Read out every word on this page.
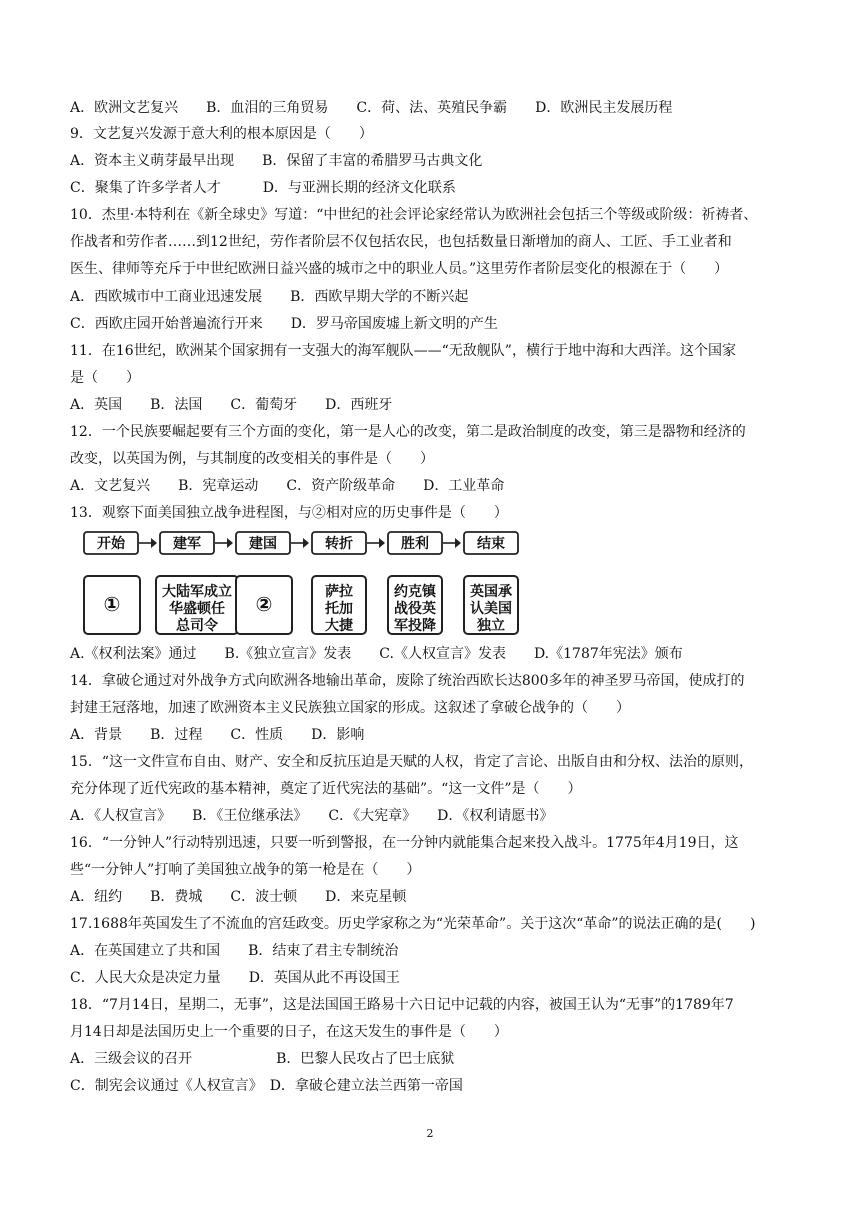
A．欧洲文艺复兴　　B．血泪的三角贸易　　C．荷、法、英殖民争霸　　D．欧洲民主发展历程
9．文艺复兴发源于意大利的根本原因是（　　）
A．资本主义萌芽最早出现　　B．保留了丰富的希腊罗马古典文化
C．聚集了许多学者人才　　　D．与亚洲长期的经济文化联系
10．杰里·本特利在《新全球史》写道：“中世纪的社会评论家经常认为欧洲社会包括三个等级或阶级：祈祷者、
作战者和劳作者……到12世纪，劳作者阶层不仅包括农民，也包括数量日渐增加的商人、工匠、手工业者和
医生、律师等充斥于中世纪欧洲日益兴盛的城市之中的职业人员。”这里劳作者阶层变化的根源在于（　　）
A．西欧城市中工商业迅速发展　　B．西欧早期大学的不断兴起
C．西欧庄园开始普遍流行开来　　D．罗马帝国废墟上新文明的产生
11．在16世纪，欧洲某个国家拥有一支强大的海军舰队——“无敌舰队”，横行于地中海和大西洋。这个国家
是（　　）
A．英国　　B．法国　　C．葡萄牙　　D．西班牙
12．一个民族要崛起要有三个方面的变化，第一是人心的改变，第二是政治制度的改变，第三是器物和经济的
改变，以英国为例，与其制度的改变相关的事件是（　　）
A．文艺复兴　　B．宪章运动　　C．资产阶级革命　　D．工业革命
13．观察下面美国独立战争进程图，与②相对应的历史事件是（　　）
开始	建军	建国	转折	胜利	结束
①	大陆军成立
华盛顿任
总司令
②	萨拉
托加
大捷
约克镇
战役英
军投降
英国承
认美国
独立
A.《权利法案》通过　　B.《独立宣言》发表　　C.《人权宣言》发表　　D.《1787年宪法》颁布
14．拿破仑通过对外战争方式向欧洲各地输出革命，废除了统治西欧长达800多年的神圣罗马帝国，使成打的
封建王冠落地，加速了欧洲资本主义民族独立国家的形成。这叙述了拿破仑战争的（　　）
A．背景　　B．过程　　C．性质　　D．影响
15．“这一文件宣布自由、财产、安全和反抗压迫是天赋的人权，肯定了言论、出版自由和分权、法治的原则，
充分体现了近代宪政的基本精神，奠定了近代宪法的基础”。“这一文件”是（　　）
A．《人权宣言》　　B．《王位继承法》　　C．《大宪章》　　D．《权利请愿书》
16．“一分钟人”行动特别迅速，只要一听到警报，在一分钟内就能集合起来投入战斗。1775年4月19日，这
些“一分钟人”打响了美国独立战争的第一枪是在（　　）
A．纽约　　B．费城　　C．波士顿　　D．来克星顿
17.1688年英国发生了不流血的宫廷政变。历史学家称之为“光荣革命”。关于这次“革命”的说法正确的是(　　)
A．在英国建立了共和国　　B．结束了君主专制统治
C．人民大众是决定力量　　D．英国从此不再设国王
18．“7月14日，星期二，无事”，这是法国国王路易十六日记中记载的内容，被国王认为“无事”的1789年7
月14日却是法国历史上一个重要的日子，在这天发生的事件是（　　）
A．三级会议的召开　　　　　　B．巴黎人民攻占了巴士底狱
C．制宪会议通过《人权宣言》　D．拿破仑建立法兰西第一帝国
2
